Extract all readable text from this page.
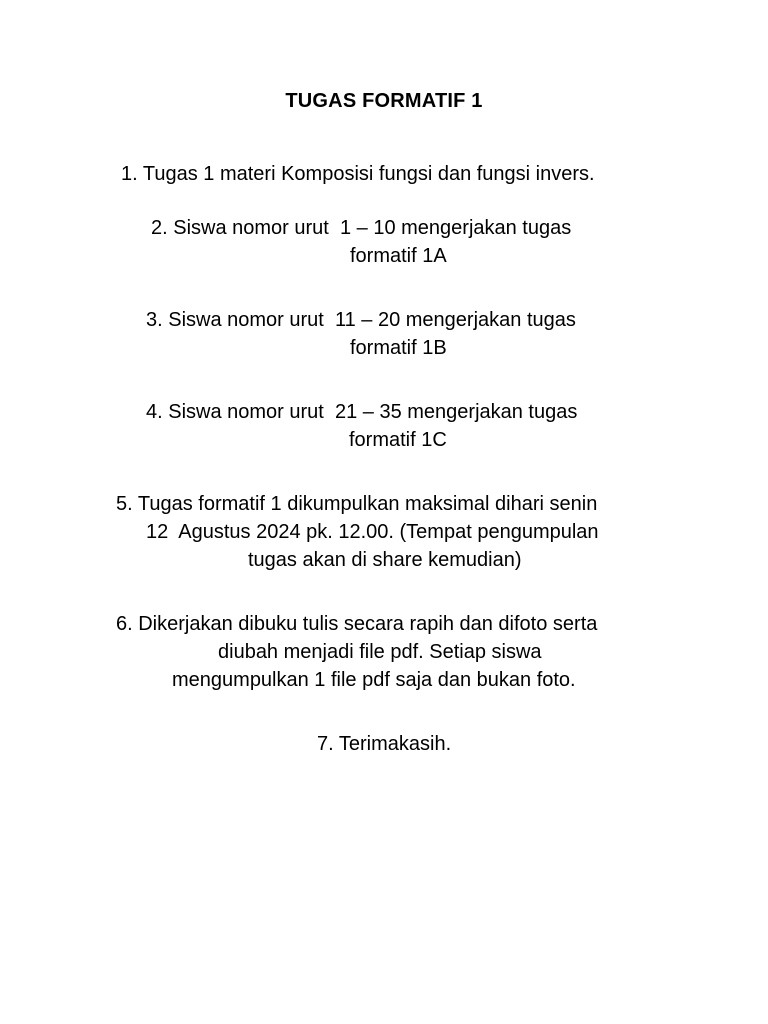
TUGAS FORMATIF 1
1. Tugas 1 materi Komposisi fungsi dan fungsi invers.
2. Siswa nomor urut  1 – 10 mengerjakan tugas
formatif 1A
3. Siswa nomor urut  11 – 20 mengerjakan tugas
formatif 1B
4. Siswa nomor urut  21 – 35 mengerjakan tugas
formatif 1C
5. Tugas formatif 1 dikumpulkan maksimal dihari senin
12  Agustus 2024 pk. 12.00. (Tempat pengumpulan
tugas akan di share kemudian)
6. Dikerjakan dibuku tulis secara rapih dan difoto serta
diubah menjadi file pdf. Setiap siswa
mengumpulkan 1 file pdf saja dan bukan foto.
7. Terimakasih.
